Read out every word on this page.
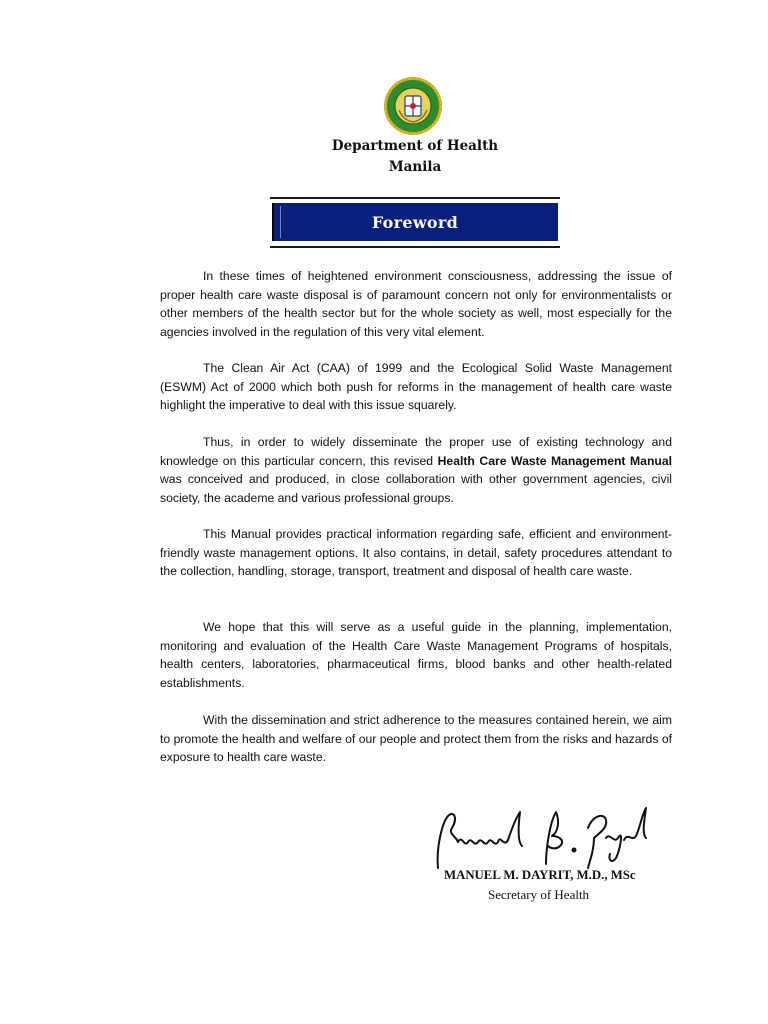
Department of Health
Manila
Foreword

In these times of heightened environment consciousness, addressing the issue of proper health care waste disposal is of paramount concern not only for environmentalists or other members of the health sector but for the whole society as well, most especially for the agencies involved in the regulation of this very vital element.

The Clean Air Act (CAA) of 1999 and the Ecological Solid Waste Management (ESWM) Act of 2000 which both push for reforms in the management of health care waste highlight the imperative to deal with this issue squarely.

Thus, in order to widely disseminate the proper use of existing technology and knowledge on this particular concern, this revised Health Care Waste Management Manual was conceived and produced, in close collaboration with other government agencies, civil society, the academe and various professional groups.

This Manual provides practical information regarding safe, efficient and environment-friendly waste management options. It also contains, in detail, safety procedures attendant to the collection, handling, storage, transport, treatment and disposal of health care waste.

We hope that this will serve as a useful guide in the planning, implementation, monitoring and evaluation of the Health Care Waste Management Programs of hospitals, health centers, laboratories, pharmaceutical firms, blood banks and other health-related establishments.

With the dissemination and strict adherence to the measures contained herein, we aim to promote the health and welfare of our people and protect them from the risks and hazards of exposure to health care waste.

MANUEL M. DAYRIT, M.D., MSc
Secretary of Health
